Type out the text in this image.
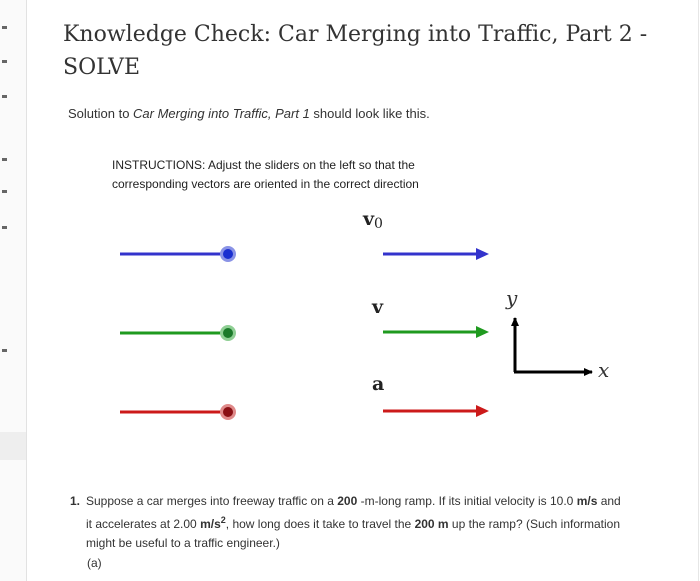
Knowledge Check: Car Merging into Traffic, Part 2 - SOLVE
Solution to Car Merging into Traffic, Part 1 should look like this.
INSTRUCTIONS: Adjust the sliders on the left so that the corresponding vectors are oriented in the correct direction
$v_0$
v
a
y
x
1. Suppose a car merges into freeway traffic on a 200 -m-long ramp. If its initial velocity is 10.0 m/s and it accelerates at 2.00 $m/s^2$, how long does it take to travel the 200 m up the ramp? (Such information might be useful to a traffic engineer.)
(a)
